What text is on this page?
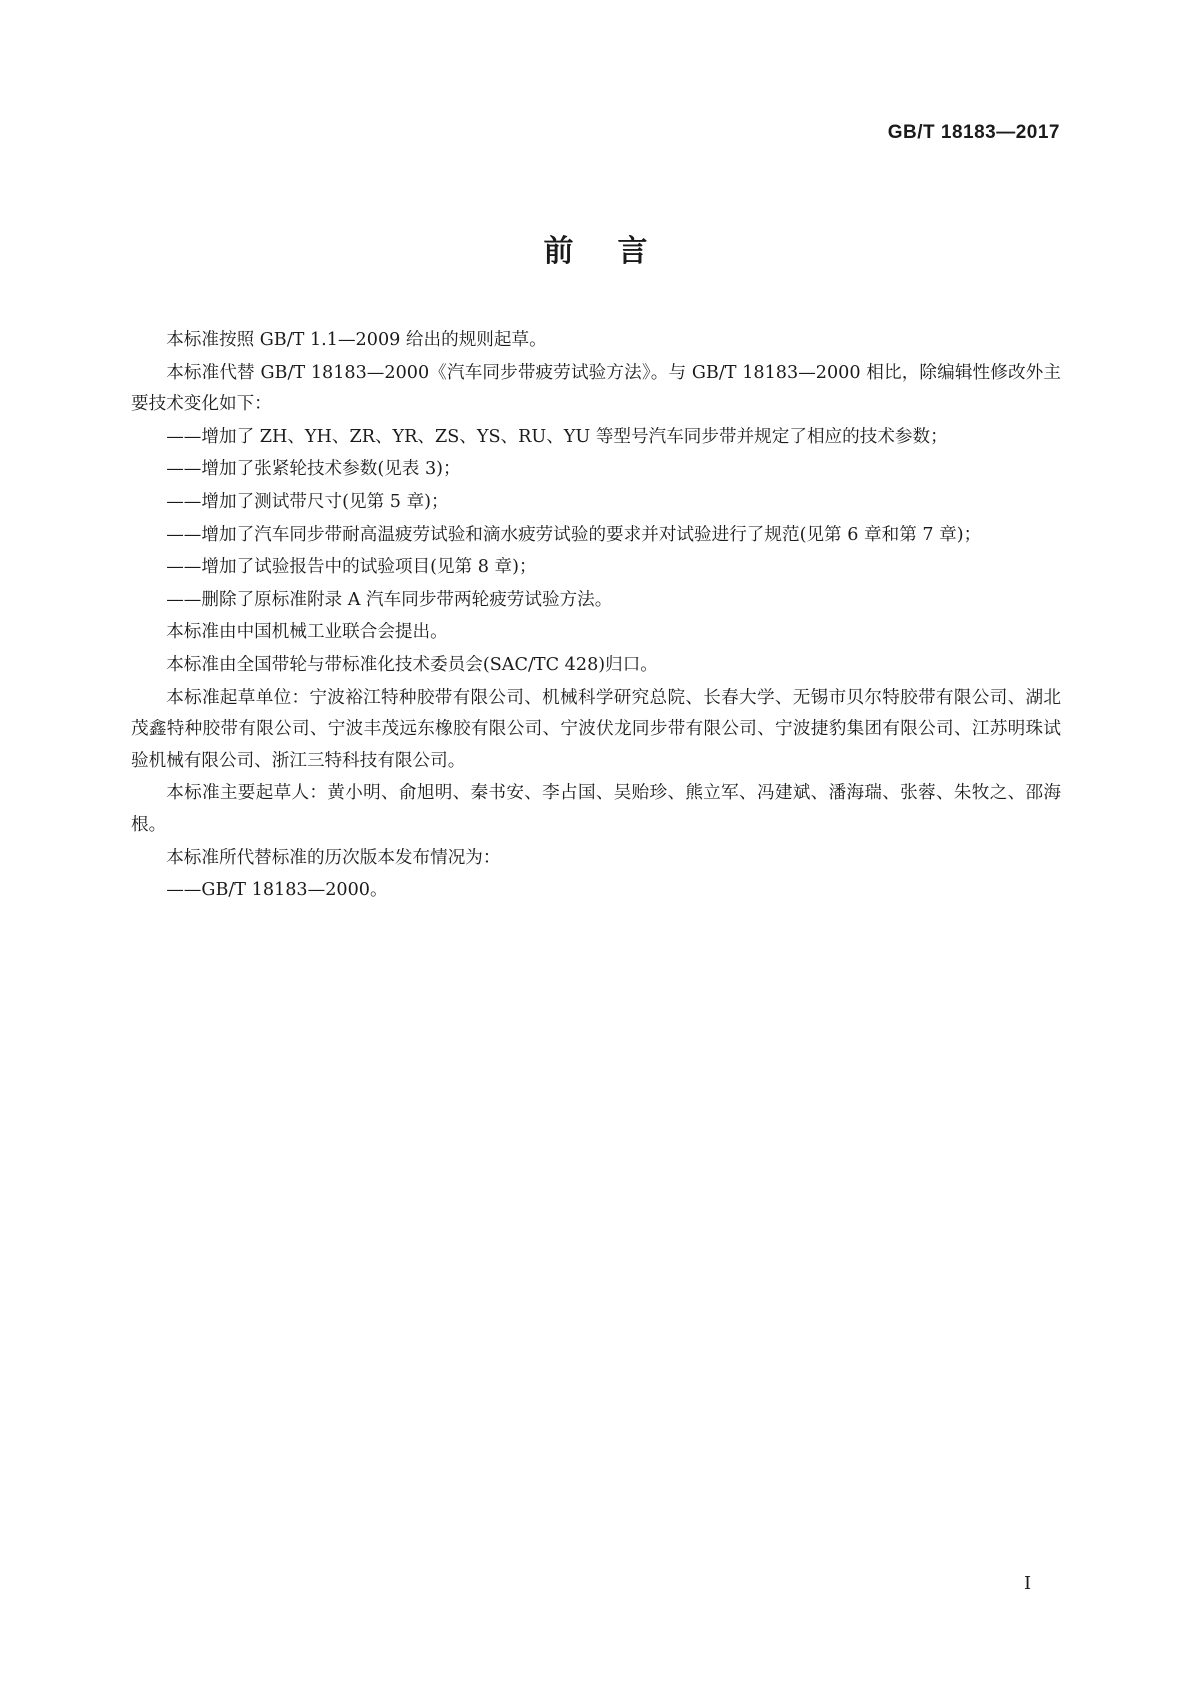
GB/T 18183—2017
前言

本标准按照 GB/T 1.1—2009 给出的规则起草。

本标准代替 GB/T 18183—2000《汽车同步带疲劳试验方法》。与 GB/T 18183—2000 相比，除编辑性修改外主要技术变化如下：

——增加了 ZH、YH、ZR、YR、ZS、YS、RU、YU 等型号汽车同步带并规定了相应的技术参数；

——增加了张紧轮技术参数(见表 3)；

——增加了测试带尺寸(见第 5 章)；

——增加了汽车同步带耐高温疲劳试验和滴水疲劳试验的要求并对试验进行了规范(见第 6 章和第 7 章)；

——增加了试验报告中的试验项目(见第 8 章)；

——删除了原标准附录 A 汽车同步带两轮疲劳试验方法。

本标准由中国机械工业联合会提出。

本标准由全国带轮与带标准化技术委员会(SAC/TC 428)归口。

本标准起草单位：宁波裕江特种胶带有限公司、机械科学研究总院、长春大学、无锡市贝尔特胶带有限公司、湖北茂鑫特种胶带有限公司、宁波丰茂远东橡胶有限公司、宁波伏龙同步带有限公司、宁波捷豹集团有限公司、江苏明珠试验机械有限公司、浙江三特科技有限公司。

本标准主要起草人：黄小明、俞旭明、秦书安、李占国、吴贻珍、熊立军、冯建斌、潘海瑞、张蓉、朱牧之、邵海根。

本标准所代替标准的历次版本发布情况为：

——GB/T 18183—2000。

I
